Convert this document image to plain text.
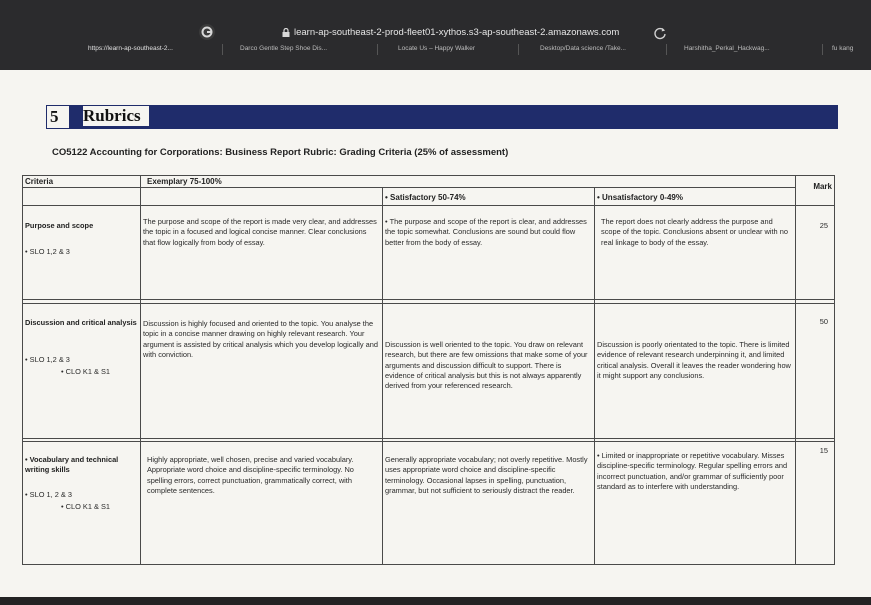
learn-ap-southeast-2-prod-fleet01-xythos.s3-ap-southeast-2.amazonaws.com
https://learn-ap-southeast-2...	Darco Gentle Step Shoe Dis...	Locate Us – Happy Walker	Desktop/Data science /Take...	Harshitha_Perkal_Hackwag...	fu kang
5 Rubrics
CO5122 Accounting for Corporations: Business Report Rubric: Grading Criteria (25% of assessment)
Criteria	Exemplary 75-100%
• Satisfactory 50-74%
•	Unsatisfactory 0-49%
Mark
Purpose and scope
• SLO 1,2 & 3
The purpose and scope of the report is made very clear, and addresses the topic in a focused and logical concise manner. Clear conclusions that flow logically from body of essay.
• The purpose and scope of the report is clear, and addresses the topic somewhat. Conclusions are sound but could flow better from the body of essay.
The report does not clearly address the purpose and scope of the topic. Conclusions absent or unclear with no real linkage to body of the essay.
25
Discussion and critical analysis
• SLO 1,2 & 3
• CLO K1 & S1
Discussion is highly focused and oriented to the topic. You analyse the topic in a concise manner drawing on highly relevant research. Your argument is assisted by critical analysis which you develop logically and with conviction.
Discussion is well oriented to the topic. You draw on relevant research, but there are few omissions that make some of your arguments and discussion difficult to support. There is evidence of critical analysis but this is not always apparently derived from your referenced research.
Discussion is poorly orientated to the topic. There is limited evidence of relevant research underpinning it, and limited critical analysis. Overall it leaves the reader wondering how it might support any conclusions.
50
• Vocabulary and technical writing skills
• SLO 1, 2 & 3
• CLO K1 & S1
Highly appropriate, well chosen, precise and varied vocabulary. Appropriate word choice and discipline-specific terminology. No spelling errors, correct punctuation, grammatically correct, with complete sentences.
Generally appropriate vocabulary; not overly repetitive. Mostly uses appropriate word choice and discipline-specific terminology. Occasional lapses in spelling, punctuation, grammar, but not sufficient to seriously distract the reader.
• Limited or inappropriate or repetitive vocabulary. Misses discipline-specific terminology. Regular spelling errors and incorrect punctuation, and/or grammar of sufficiently poor standard as to interfere with understanding.
15
